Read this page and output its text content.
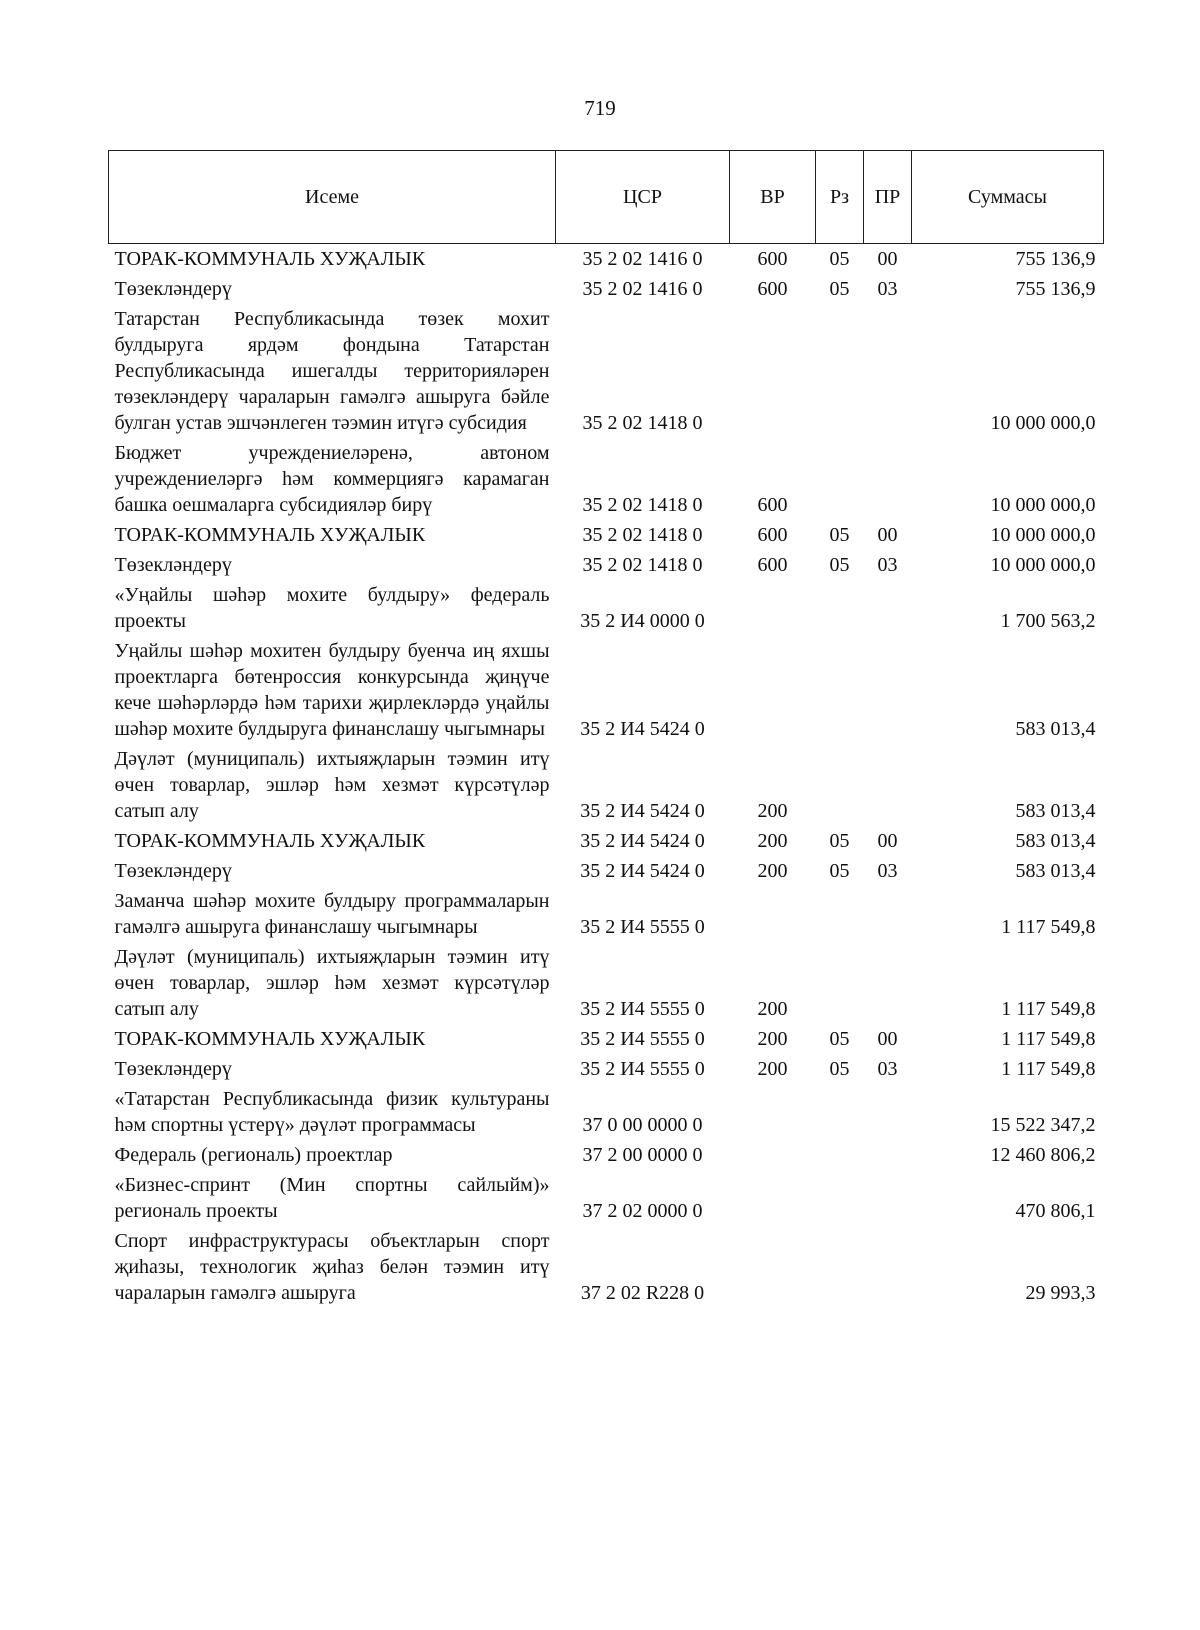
719
Исеме	ЦСР	ВР	Рз	ПР	Суммасы
ТОРАК-КОММУНАЛЬ ХУҖАЛЫК	35 2 02 1416 0	600	05	00	755 136,9
Төзекләндерү	35 2 02 1416 0	600	05	03	755 136,9
Татарстан Республикасында төзек мохит булдыруга ярдәм фондына Татарстан Республикасында ишегалды территорияләрен төзекләндерү чараларын гамәлгә ашыруга бәйле булган устав эшчәнлеген тәэмин итүгә субсидия	35 2 02 1418 0				10 000 000,0
Бюджет учреждениеләренә, автоном учреждениеләргә һәм коммерциягә карамаган башка оешмаларга субсидияләр бирү	35 2 02 1418 0	600			10 000 000,0
ТОРАК-КОММУНАЛЬ ХУҖАЛЫК	35 2 02 1418 0	600	05	00	10 000 000,0
Төзекләндерү	35 2 02 1418 0	600	05	03	10 000 000,0
«Уңайлы шәһәр мохите булдыру» федераль проекты	35 2 И4 0000 0				1 700 563,2
Уңайлы шәһәр мохитен булдыру буенча иң яхшы проектларга бөтенроссия конкурсында җиңүче кече шәһәрләрдә һәм тарихи җирлекләрдә уңайлы шәһәр мохите булдыруга финанслашу чыгымнары	35 2 И4 5424 0				583 013,4
Дәүләт (муниципаль) ихтыяҗларын тәэмин итү өчен товарлар, эшләр һәм хезмәт күрсәтүләр сатып алу	35 2 И4 5424 0	200			583 013,4
ТОРАК-КОММУНАЛЬ ХУҖАЛЫК	35 2 И4 5424 0	200	05	00	583 013,4
Төзекләндерү	35 2 И4 5424 0	200	05	03	583 013,4
Заманча шәһәр мохите булдыру программаларын гамәлгә ашыруга финанслашу чыгымнары	35 2 И4 5555 0				1 117 549,8
Дәүләт (муниципаль) ихтыяҗларын тәэмин итү өчен товарлар, эшләр һәм хезмәт күрсәтүләр сатып алу	35 2 И4 5555 0	200			1 117 549,8
ТОРАК-КОММУНАЛЬ ХУҖАЛЫК	35 2 И4 5555 0	200	05	00	1 117 549,8
Төзекләндерү	35 2 И4 5555 0	200	05	03	1 117 549,8
«Татарстан Республикасында физик культураны һәм спортны үстерү» дәүләт программасы	37 0 00 0000 0				15 522 347,2
Федераль (региональ) проектлар	37 2 00 0000 0				12 460 806,2
«Бизнес-спринт (Мин спортны сайлыйм)» региональ проекты	37 2 02 0000 0				470 806,1
Спорт инфраструктурасы объектларын спорт җиһазы, технологик җиһаз белән тәэмин итү чараларын гамәлгә ашыруга	37 2 02 R228 0				29 993,3
